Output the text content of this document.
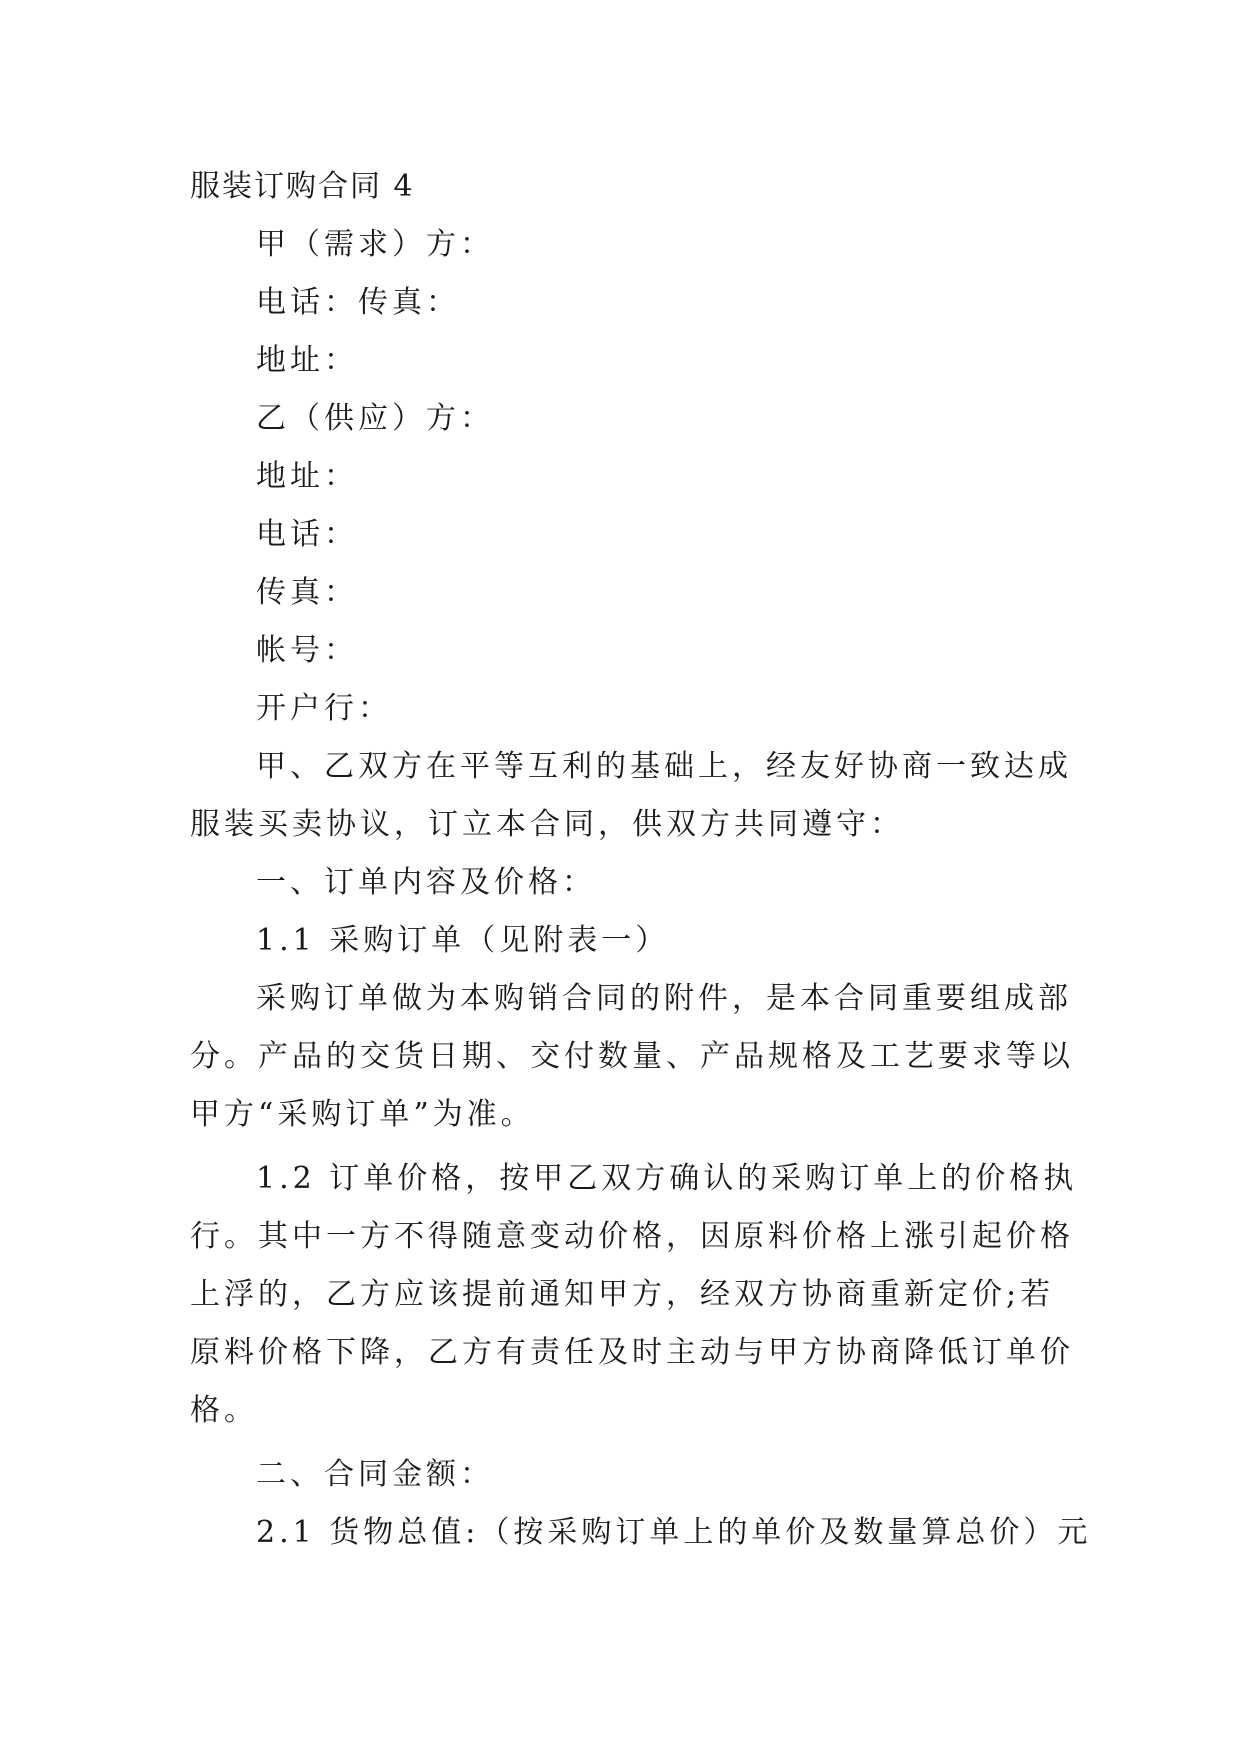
服装订购合同 4
甲（需求）方：
电话：传真：
地址：
乙（供应）方：
地址：
电话：
传真：
帐号：
开户行：
甲、乙双方在平等互利的基础上，经友好协商一致达成
服装买卖协议，订立本合同，供双方共同遵守：
一、订单内容及价格：
1.1 采购订单（见附表一）
采购订单做为本购销合同的附件，是本合同重要组成部
分。产品的交货日期、交付数量、产品规格及工艺要求等以
甲方“采购订单”为准。
1.2 订单价格，按甲乙双方确认的采购订单上的价格执
行。其中一方不得随意变动价格，因原料价格上涨引起价格
上浮的，乙方应该提前通知甲方，经双方协商重新定价;若
原料价格下降，乙方有责任及时主动与甲方协商降低订单价
格。
二、合同金额：
2.1 货物总值:（按采购订单上的单价及数量算总价）元
